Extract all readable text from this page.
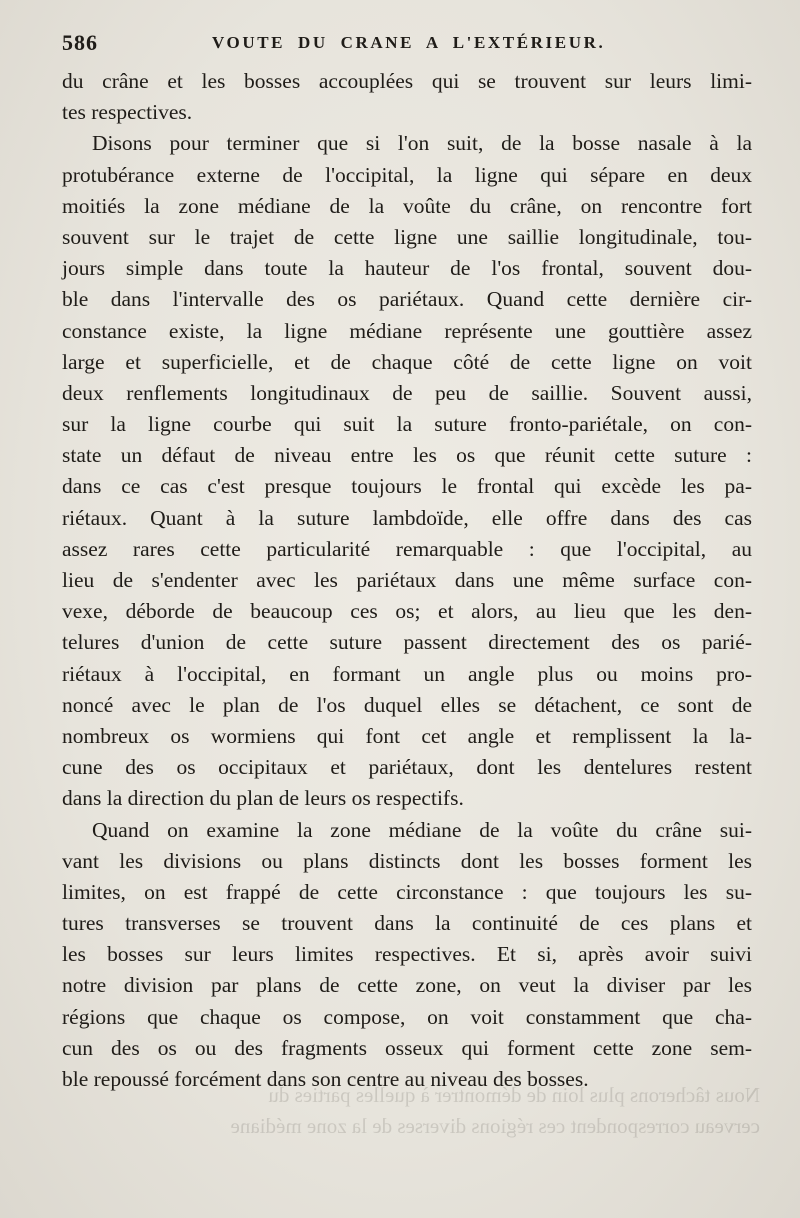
Nous tâcherons plus loin de démontrer à quelles parties du
cerveau correspondent ces régions diverses de la zone médiane
586	VOUTE DU CRANE A L'EXTÉRIEUR.
du crâne et les bosses accouplées qui se trouvent sur leurs limi-
tes respectives.
Disons pour terminer que si l'on suit, de la bosse nasale à la
protubérance externe de l'occipital, la ligne qui sépare en deux
moitiés la zone médiane de la voûte du crâne, on rencontre fort
souvent sur le trajet de cette ligne une saillie longitudinale, tou-
jours simple dans toute la hauteur de l'os frontal, souvent dou-
ble dans l'intervalle des os pariétaux. Quand cette dernière cir-
constance existe, la ligne médiane représente une gouttière assez
large et superficielle, et de chaque côté de cette ligne on voit
deux renflements longitudinaux de peu de saillie. Souvent aussi,
sur la ligne courbe qui suit la suture fronto-pariétale, on con-
state un défaut de niveau entre les os que réunit cette suture :
dans ce cas c'est presque toujours le frontal qui excède les pa-
riétaux. Quant à la suture lambdoïde, elle offre dans des cas
assez rares cette particularité remarquable : que l'occipital, au
lieu de s'endenter avec les pariétaux dans une même surface con-
vexe, déborde de beaucoup ces os; et alors, au lieu que les den-
telures d'union de cette suture passent directement des os parié-
riétaux à l'occipital, en formant un angle plus ou moins pro-
noncé avec le plan de l'os duquel elles se détachent, ce sont de
nombreux os wormiens qui font cet angle et remplissent la la-
cune des os occipitaux et pariétaux, dont les dentelures restent
dans la direction du plan de leurs os respectifs.
Quand on examine la zone médiane de la voûte du crâne sui-
vant les divisions ou plans distincts dont les bosses forment les
limites, on est frappé de cette circonstance : que toujours les su-
tures transverses se trouvent dans la continuité de ces plans et
les bosses sur leurs limites respectives. Et si, après avoir suivi
notre division par plans de cette zone, on veut la diviser par les
régions que chaque os compose, on voit constamment que cha-
cun des os ou des fragments osseux qui forment cette zone sem-
ble repoussé forcément dans son centre au niveau des bosses.
